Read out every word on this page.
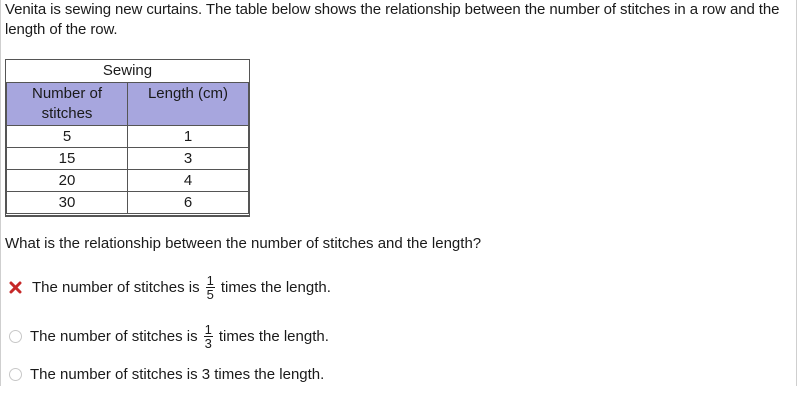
Venita is sewing new curtains. The table below shows the relationship between the number of stitches in a row and the length of the row.
Sewing	
Number of stitches	Length (cm)
5	1
15	3
20	4
30	6
What is the relationship between the number of stitches and the length?
The number of stitches is $\frac{1}{5}$ times the length.
The number of stitches is $\frac{1}{3}$ times the length.
The number of stitches is 3 times the length.
